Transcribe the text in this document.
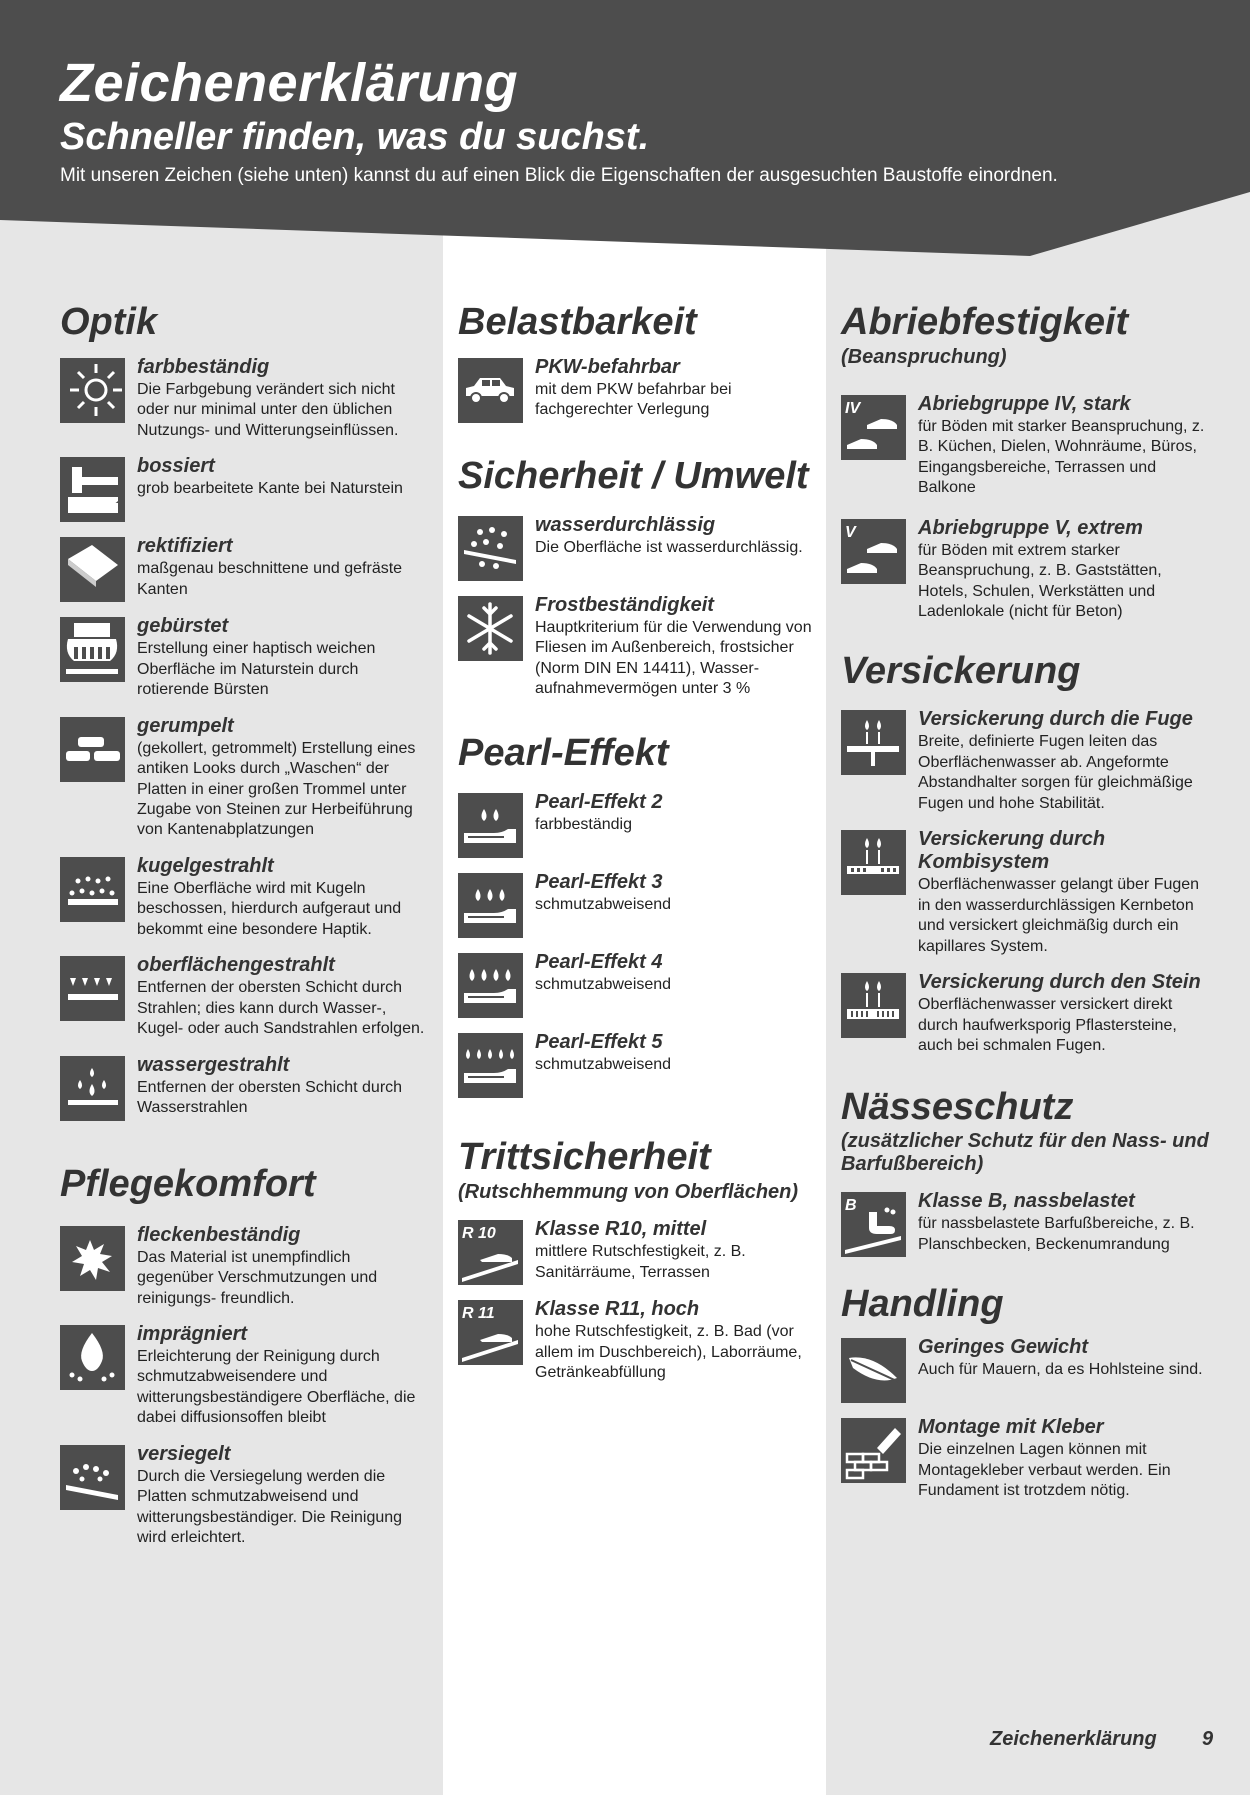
Zeichenerklärung
Schneller finden, was du suchst.

Mit unseren Zeichen (siehe unten) kannst du auf einen Blick die Eigenschaften der ausgesuchten Baustoffe einordnen.

Optik

farbbeständig

Die Farbgebung verändert sich nicht oder nur minimal unter den üblichen Nutzungs- und Witterungseinflüssen.

bossiert

grob bearbeitete Kante bei Naturstein

rektifiziert

maßgenau beschnittene und gefräste Kanten

gebürstet

Erstellung einer haptisch weichen Oberfläche im Naturstein durch rotierende Bürsten

gerumpelt

(gekollert, getrommelt) Erstellung eines antiken Looks durch „Waschen“ der Platten in einer großen Trommel unter Zugabe von Steinen zur Herbeiführung von Kantenabplatzungen

kugelgestrahlt

Eine Oberfläche wird mit Kugeln beschossen, hierdurch aufgeraut und bekommt eine besondere Haptik.

oberflächengestrahlt

Entfernen der obersten Schicht durch Strahlen; dies kann durch Wasser-, Kugel- oder auch Sandstrahlen erfolgen.

wassergestrahlt

Entfernen der obersten Schicht durch Wasserstrahlen

Pflegekomfort

fleckenbeständig

Das Material ist unempfindlich gegenüber Verschmutzungen und reinigungs- freundlich.

imprägniert

Erleichterung der Reinigung durch schmutzabweisendere und witterungsbeständigere Oberfläche, die dabei diffusionsoffen bleibt

versiegelt

Durch die Versiegelung werden die Platten schmutzabweisend und witterungsbeständiger. Die Reinigung wird erleichtert.

Belastbarkeit

PKW-befahrbar

mit dem PKW befahrbar bei fachgerechter Verlegung

Sicherheit / Umwelt

wasserdurchlässig

Die Oberfläche ist wasserdurchlässig.

Frostbeständigkeit

Hauptkriterium für die Verwendung von Fliesen im Außenbereich, frostsicher (Norm DIN EN 14411), Wasser- aufnahmevermögen unter 3 %

Pearl-Effekt

Pearl-Effekt 2

farbbeständig

Pearl-Effekt 3

schmutzabweisend

Pearl-Effekt 4

schmutzabweisend

Pearl-Effekt 5

schmutzabweisend

Trittsicherheit

(Rutschhemmung von Oberflächen)

R 10 Klasse R10, mittel

mittlere Rutschfestigkeit, z. B. Sanitärräume, Terrassen

R 11 Klasse R11, hoch

hohe Rutschfestigkeit, z. B. Bad (vor allem im Duschbereich), Laborräume, Getränkeabfüllung

Abriebfestigkeit

(Beanspruchung)

IV	Abriebgruppe IV, stark

für Böden mit starker Beanspruchung, z. B. Küchen, Dielen, Wohnräume, Büros, Eingangsbereiche, Terrassen und Balkone

V	Abriebgruppe V, extrem

für Böden mit extrem starker Beanspruchung, z. B. Gaststätten, Hotels, Schulen, Werkstätten und Ladenlokale (nicht für Beton)

Versickerung

Versickerung durch die Fuge

Breite, definierte Fugen leiten das Oberflächenwasser ab. Angeformte Abstandhalter sorgen für gleichmäßige Fugen und hohe Stabilität.

Versickerung durch Kombisystem

Oberflächenwasser gelangt über Fugen in den wasserdurchlässigen Kernbeton und versickert gleichmäßig durch ein kapillares System.

Versickerung durch den Stein

Oberflächenwasser versickert direkt durch haufwerksporig Pflastersteine, auch bei schmalen Fugen.

Nässeschutz

(zusätzlicher Schutz für den Nass- und Barfußbereich)

B	Klasse B, nassbelastet

für nassbelastete Barfußbereiche, z. B. Planschbecken, Beckenumrandung

Handling

Geringes Gewicht

Auch für Mauern, da es Hohlsteine sind.

Montage mit Kleber

Die einzelnen Lagen können mit Montagekleber verbaut werden. Ein Fundament ist trotzdem nötig.

Zeichenerklärung 9
